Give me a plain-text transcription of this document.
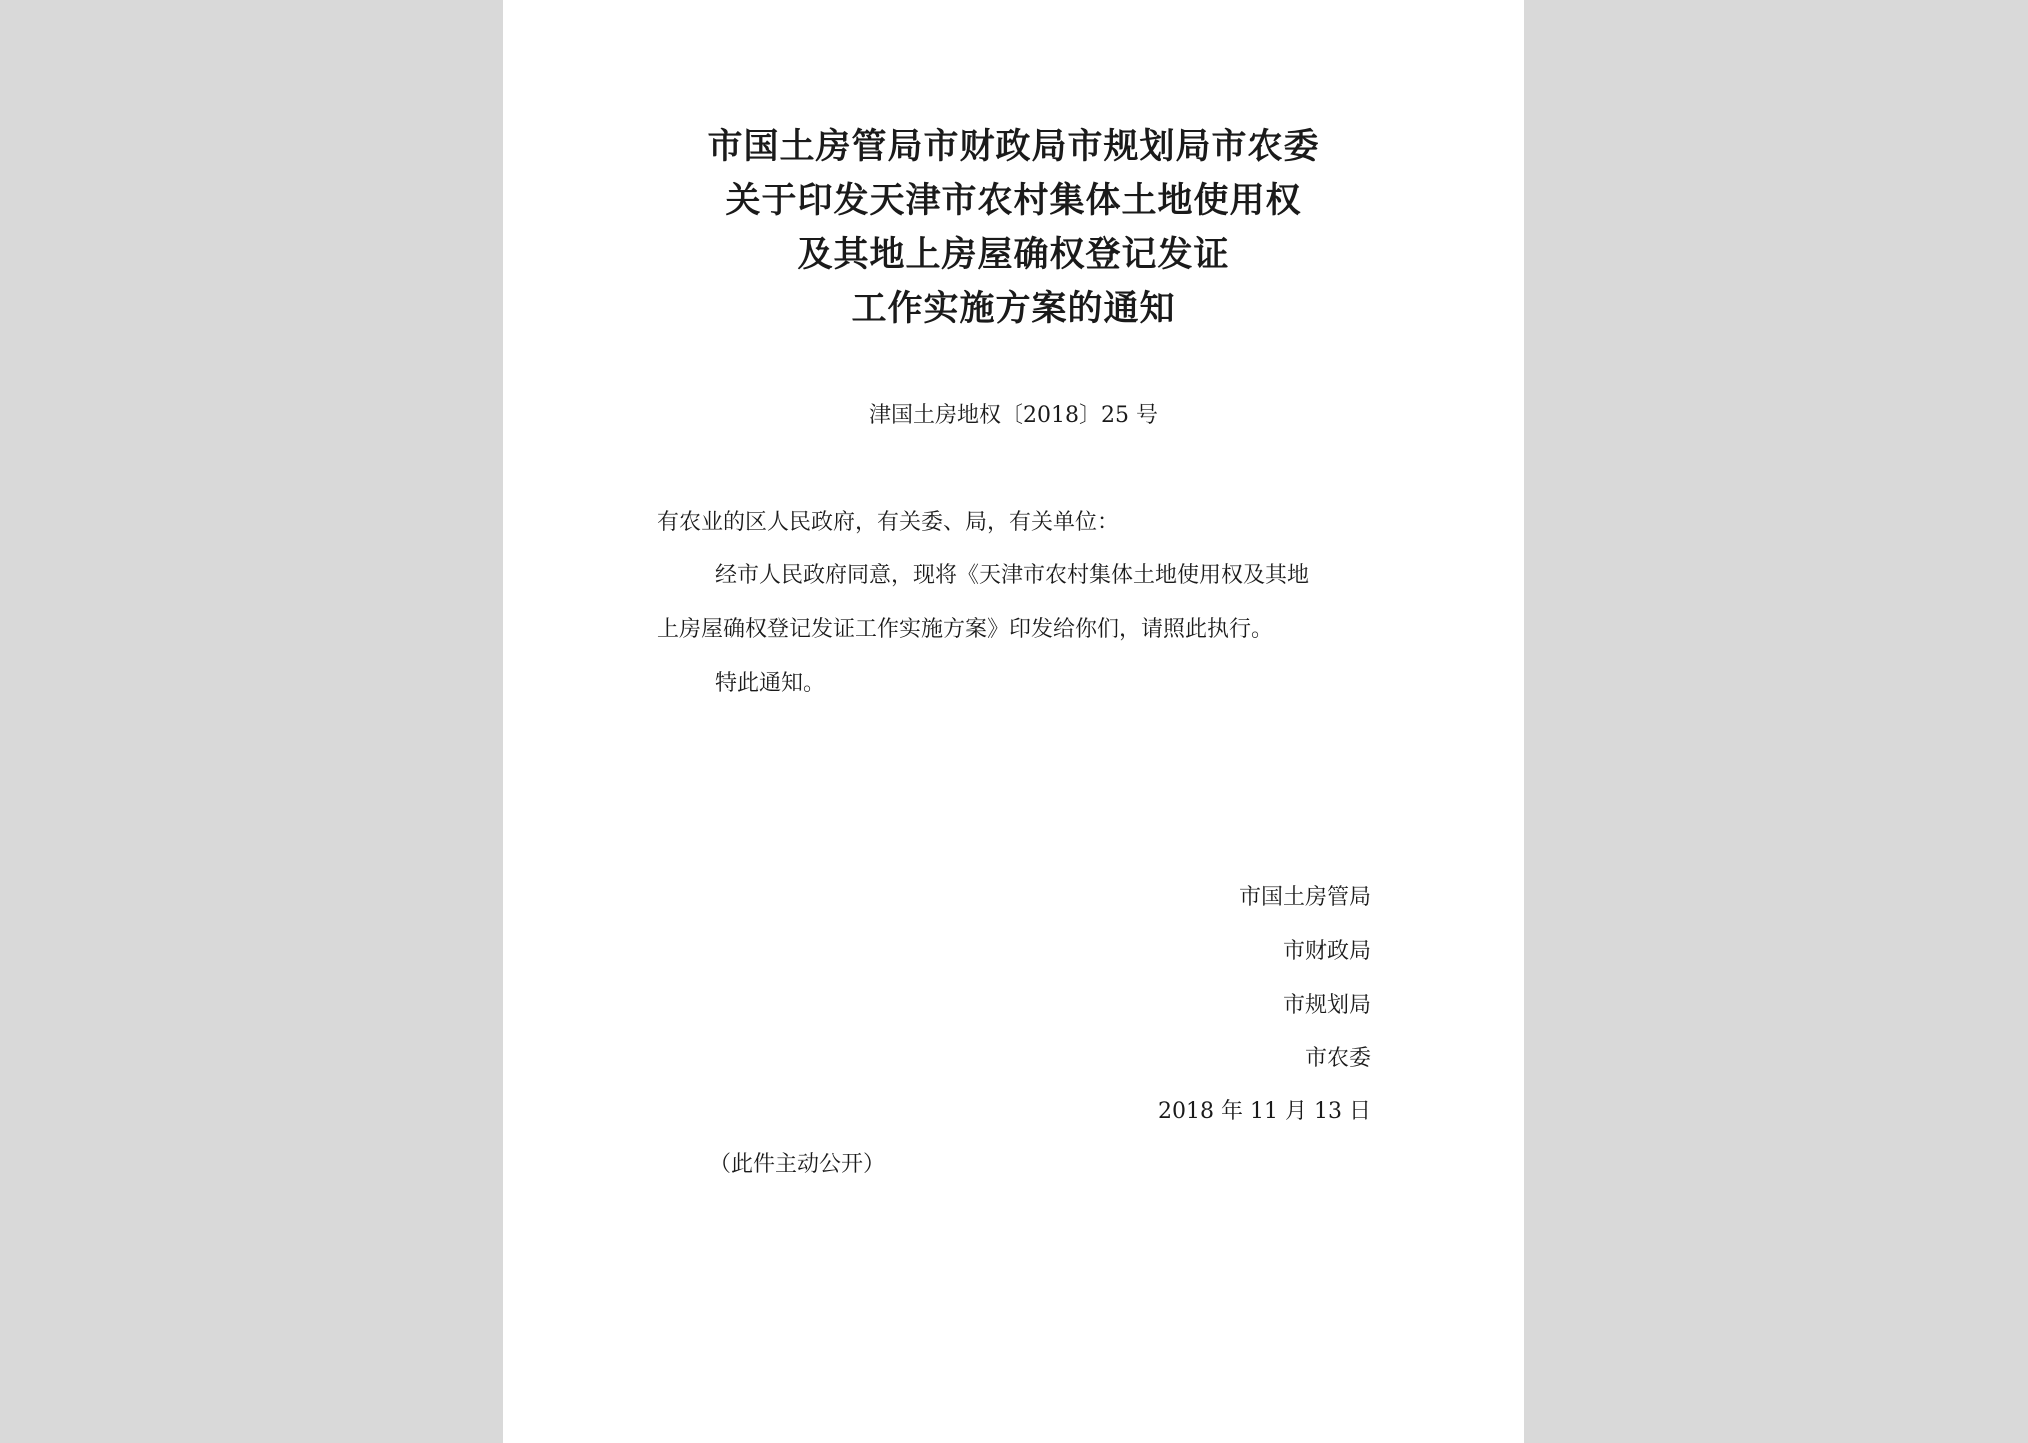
市国土房管局市财政局市规划局市农委
关于印发天津市农村集体土地使用权
及其地上房屋确权登记发证
工作实施方案的通知
津国土房地权〔2018〕25 号
有农业的区人民政府，有关委、局，有关单位：
经市人民政府同意，现将《天津市农村集体土地使用权及其地
上房屋确权登记发证工作实施方案》印发给你们，请照此执行。
特此通知。
市国土房管局
市财政局
市规划局
市农委
2018 年 11 月 13 日
（此件主动公开）
